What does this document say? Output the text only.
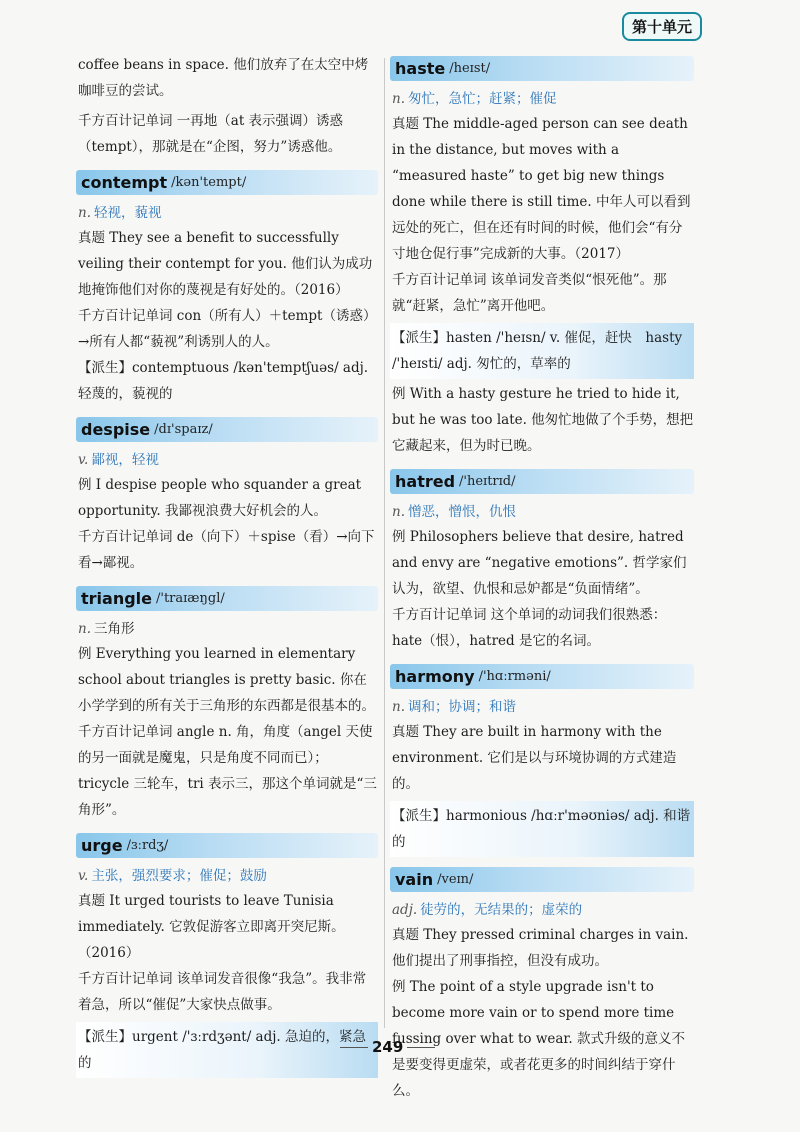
第十单元

coffee beans in space. 他们放弃了在太空中烤

咖啡豆的尝试。

千方百计记单词 一再地（at 表示强调）诱惑（tempt），那就是在“企图，努力”诱惑他。

contempt /kən'tempt/
n. 轻视，藐视

真题 They see a benefit to successfully veiling their contempt for you. 他们认为成功地掩饰他们对你的蔑视是有好处的。（2016）

千方百计记单词 con（所有人）＋tempt（诱惑）→所有人都“藐视”利诱别人的人。

【派生】contemptuous /kən'temptʃuəs/ adj. 轻蔑的，藐视的

despise /dɪ'spaɪz/
v. 鄙视，轻视

例 I despise people who squander a great opportunity. 我鄙视浪费大好机会的人。

千方百计记单词 de（向下）＋spise（看）→向下看→鄙视。

triangle /'traɪæŋgl/
n. 三角形

例 Everything you learned in elementary school about triangles is pretty basic. 你在小学学到的所有关于三角形的东西都是很基本的。

千方百计记单词 angle n. 角，角度（angel 天使的另一面就是魔鬼，只是角度不同而已）；tricycle 三轮车，tri 表示三，那这个单词就是“三角形”。

urge /ɜːrdʒ/
v. 主张，强烈要求；催促；鼓励

真题 It urged tourists to leave Tunisia immediately. 它敦促游客立即离开突尼斯。（2016）

千方百计记单词 该单词发音很像“我急”。我非常着急，所以“催促”大家快点做事。

【派生】urgent /'ɜːrdʒənt/ adj. 急迫的，紧急的

haste /heɪst/
n. 匆忙，急忙；赶紧；催促

真题 The middle-aged person can see death in the distance, but moves with a “measured haste” to get big new things done while there is still time. 中年人可以看到远处的死亡，但在还有时间的时候，他们会“有分寸地仓促行事”完成新的大事。（2017）

千方百计记单词 该单词发音类似“恨死他”。那就“赶紧，急忙”离开他吧。

【派生】hasten /'heɪsn/ v. 催促，赶快　hasty /'heɪsti/ adj. 匆忙的，草率的

例 With a hasty gesture he tried to hide it, but he was too late. 他匆忙地做了个手势，想把它藏起来，但为时已晚。

hatred /'heɪtrɪd/
n. 憎恶，憎恨，仇恨

例 Philosophers believe that desire, hatred and envy are “negative emotions”. 哲学家们认为，欲望、仇恨和忌妒都是“负面情绪”。

千方百计记单词 这个单词的动词我们很熟悉：hate（恨），hatred 是它的名词。

harmony /'hɑːrməni/
n. 调和；协调；和谐

真题 They are built in harmony with the environment. 它们是以与环境协调的方式建造的。

【派生】harmonious /hɑːr'məʊniəs/ adj. 和谐的

vain /veɪn/
adj. 徒劳的，无结果的；虚荣的

真题 They pressed criminal charges in vain. 他们提出了刑事指控，但没有成功。

例 The point of a style upgrade isn't to become more vain or to spend more time fussing over what to wear. 款式升级的意义不是要变得更虚荣，或者花更多的时间纠结于穿什么。

249
